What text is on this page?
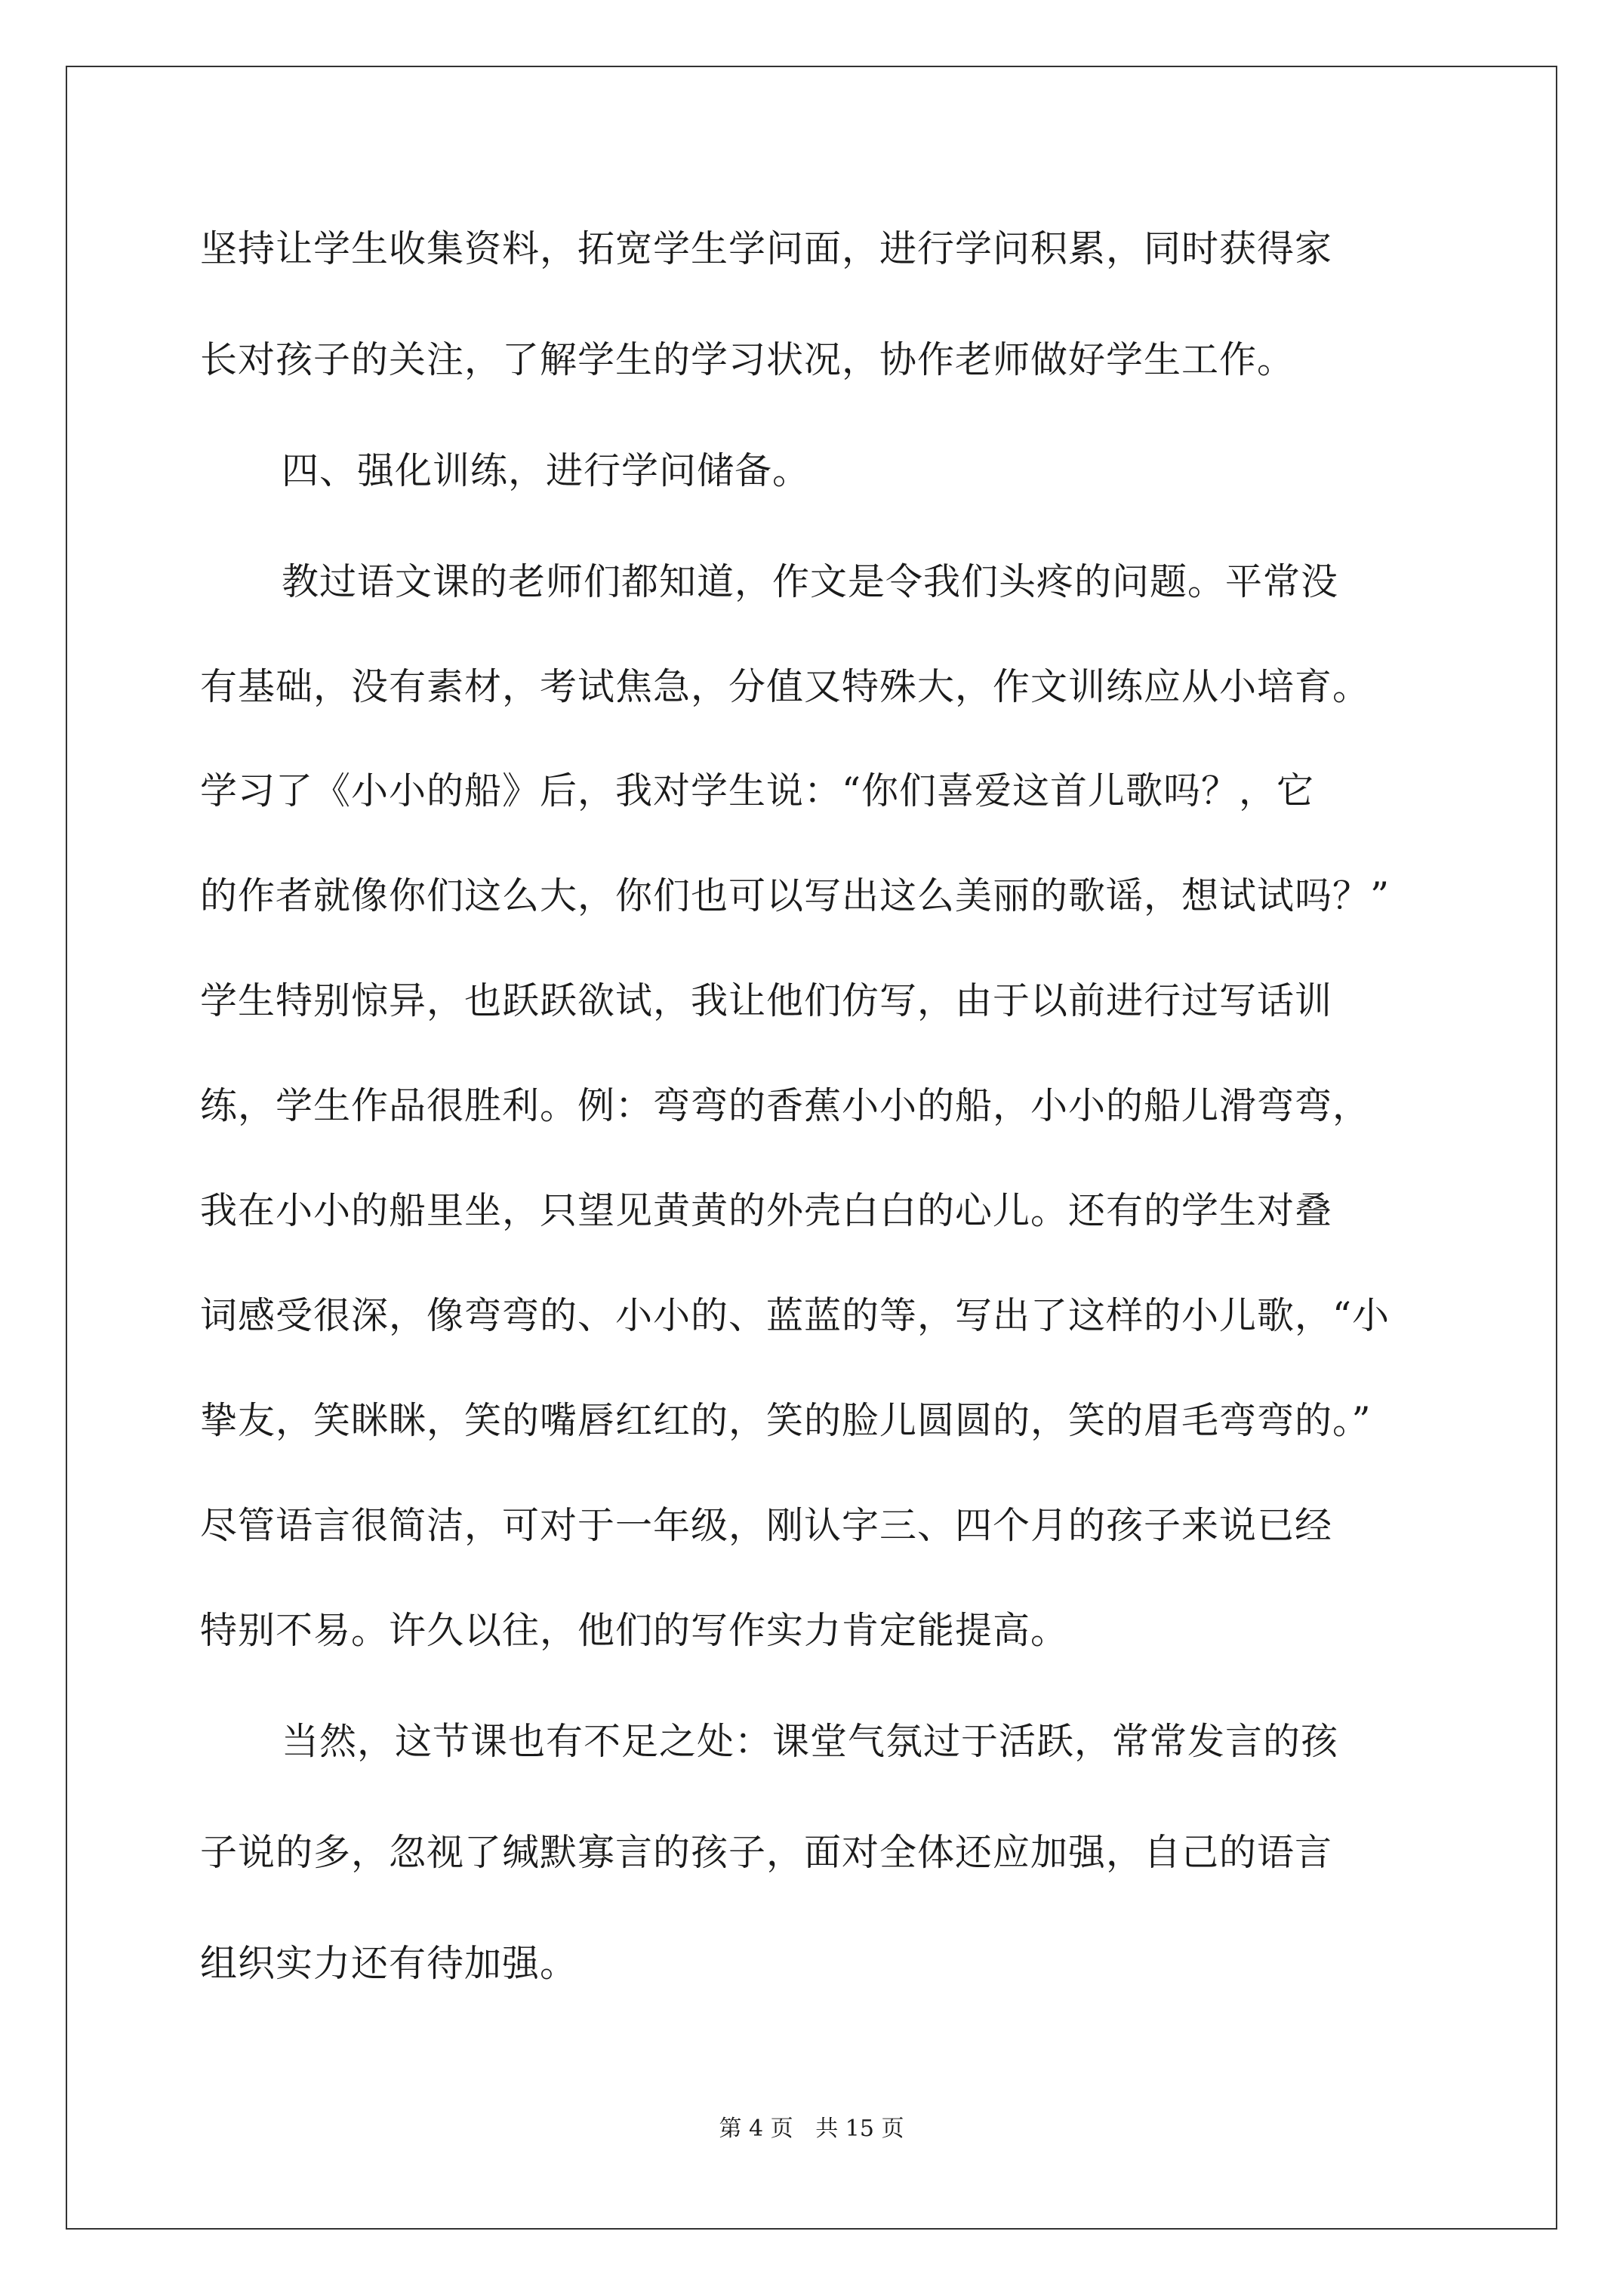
坚持让学生收集资料，拓宽学生学问面，进行学问积累，同时获得家
长对孩子的关注，了解学生的学习状况，协作老师做好学生工作。
四、强化训练，进行学问储备。
教过语文课的老师们都知道，作文是令我们头疼的问题。平常没
有基础，没有素材，考试焦急，分值又特殊大，作文训练应从小培育。
学习了《小小的船》后，我对学生说：“你们喜爱这首儿歌吗？，它
的作者就像你们这么大，你们也可以写出这么美丽的歌谣，想试试吗？”
学生特别惊异，也跃跃欲试，我让他们仿写，由于以前进行过写话训
练，学生作品很胜利。例：弯弯的香蕉小小的船，小小的船儿滑弯弯，
我在小小的船里坐，只望见黄黄的外壳白白的心儿。还有的学生对叠
词感受很深，像弯弯的、小小的、蓝蓝的等，写出了这样的小儿歌，“小
挚友，笑眯眯，笑的嘴唇红红的，笑的脸儿圆圆的，笑的眉毛弯弯的。”
尽管语言很简洁，可对于一年级，刚认字三、四个月的孩子来说已经
特别不易。许久以往，他们的写作实力肯定能提高。
当然，这节课也有不足之处：课堂气氛过于活跃，常常发言的孩
子说的多，忽视了缄默寡言的孩子，面对全体还应加强，自己的语言
组织实力还有待加强。
第 4 页 共 15 页
